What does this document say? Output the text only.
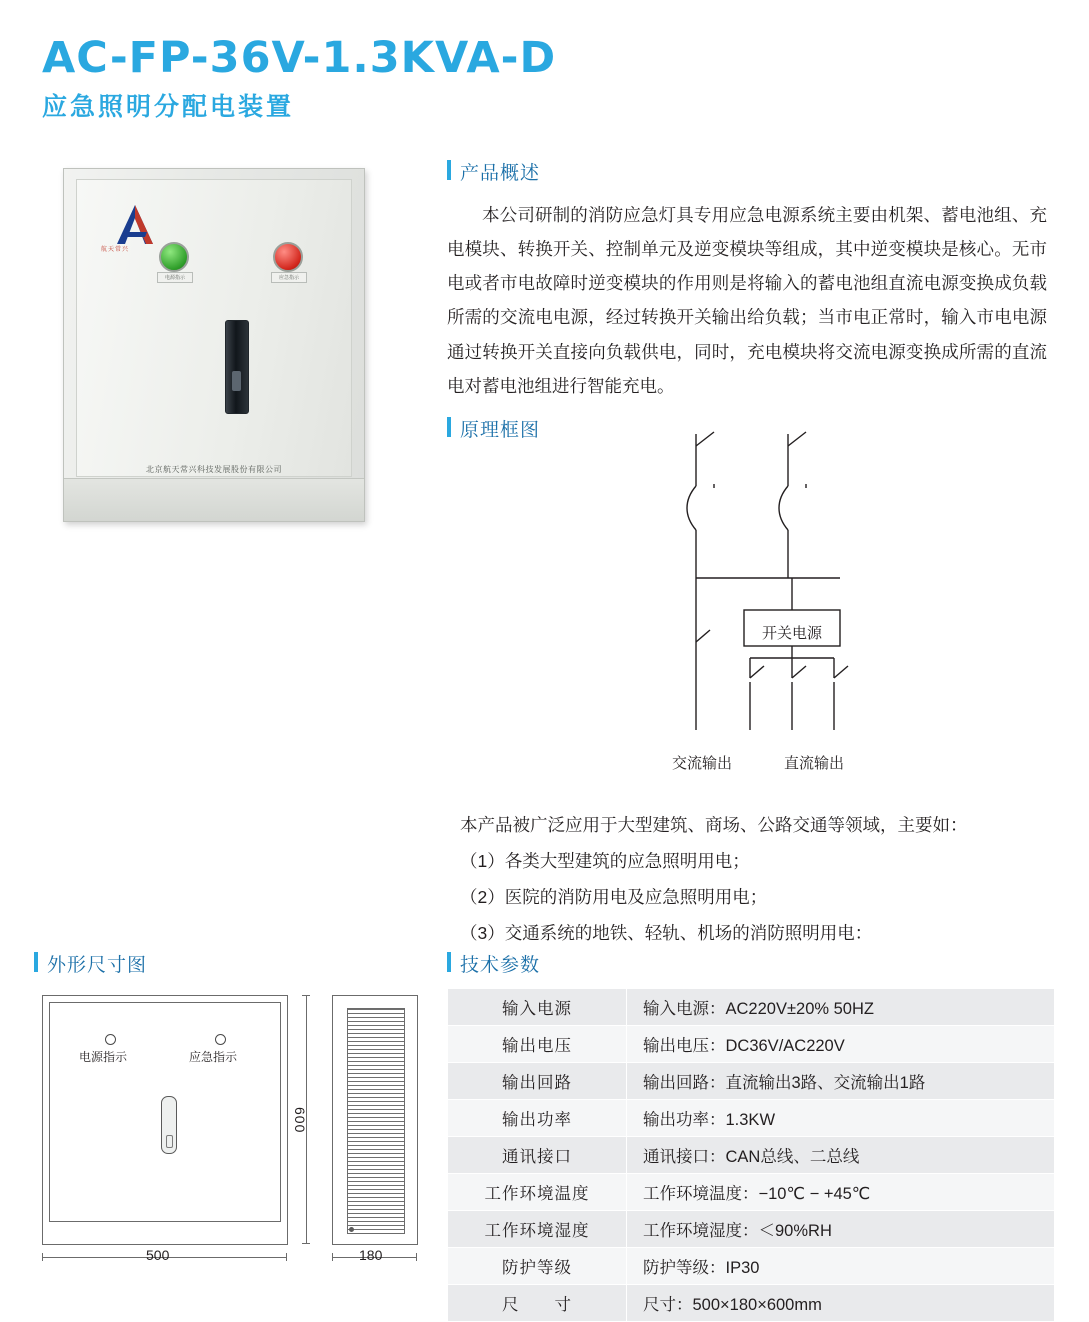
AC-FP-36V-1.3KVA-D
应急照明分配电装置
航天常兴
电源指示	应急指示
北京航天常兴科技发展股份有限公司
产品概述
本公司研制的消防应急灯具专用应急电源系统主要由机架、蓄电池组、充电模块、转换开关、控制单元及逆变模块等组成，其中逆变模块是核心。无市电或者市电故障时逆变模块的作用则是将输入的蓄电池组直流电源变换成负载所需的交流电电源，经过转换开关输出给负载；当市电正常时，输入市电电源通过转换开关直接向负载供电，同时，充电模块将交流电源变换成所需的直流电对蓄电池组进行智能充电。
原理框图
开关电源
交流输出	直流输出
本产品被广泛应用于大型建筑、商场、公路交通等领域，主要如：
（1）各类大型建筑的应急照明用电；
（2）医院的消防用电及应急照明用电；
（3）交通系统的地铁、轻轨、机场的消防照明用电：
外形尺寸图
电源指示	应急指示
500	180
600
技术参数
输入电源	输入电源：AC220V±20% 50HZ
输出电压	输出电压：DC36V/AC220V
输出回路	输出回路：直流输出3路、交流输出1路
输出功率	输出功率：1.3KW
通讯接口	通讯接口：CAN总线、二总线
工作环境温度	工作环境温度：−10℃ − +45℃
工作环境湿度	工作环境湿度：＜90%RH
防护等级	防护等级：IP30
尺　　寸	尺寸：500×180×600mm
